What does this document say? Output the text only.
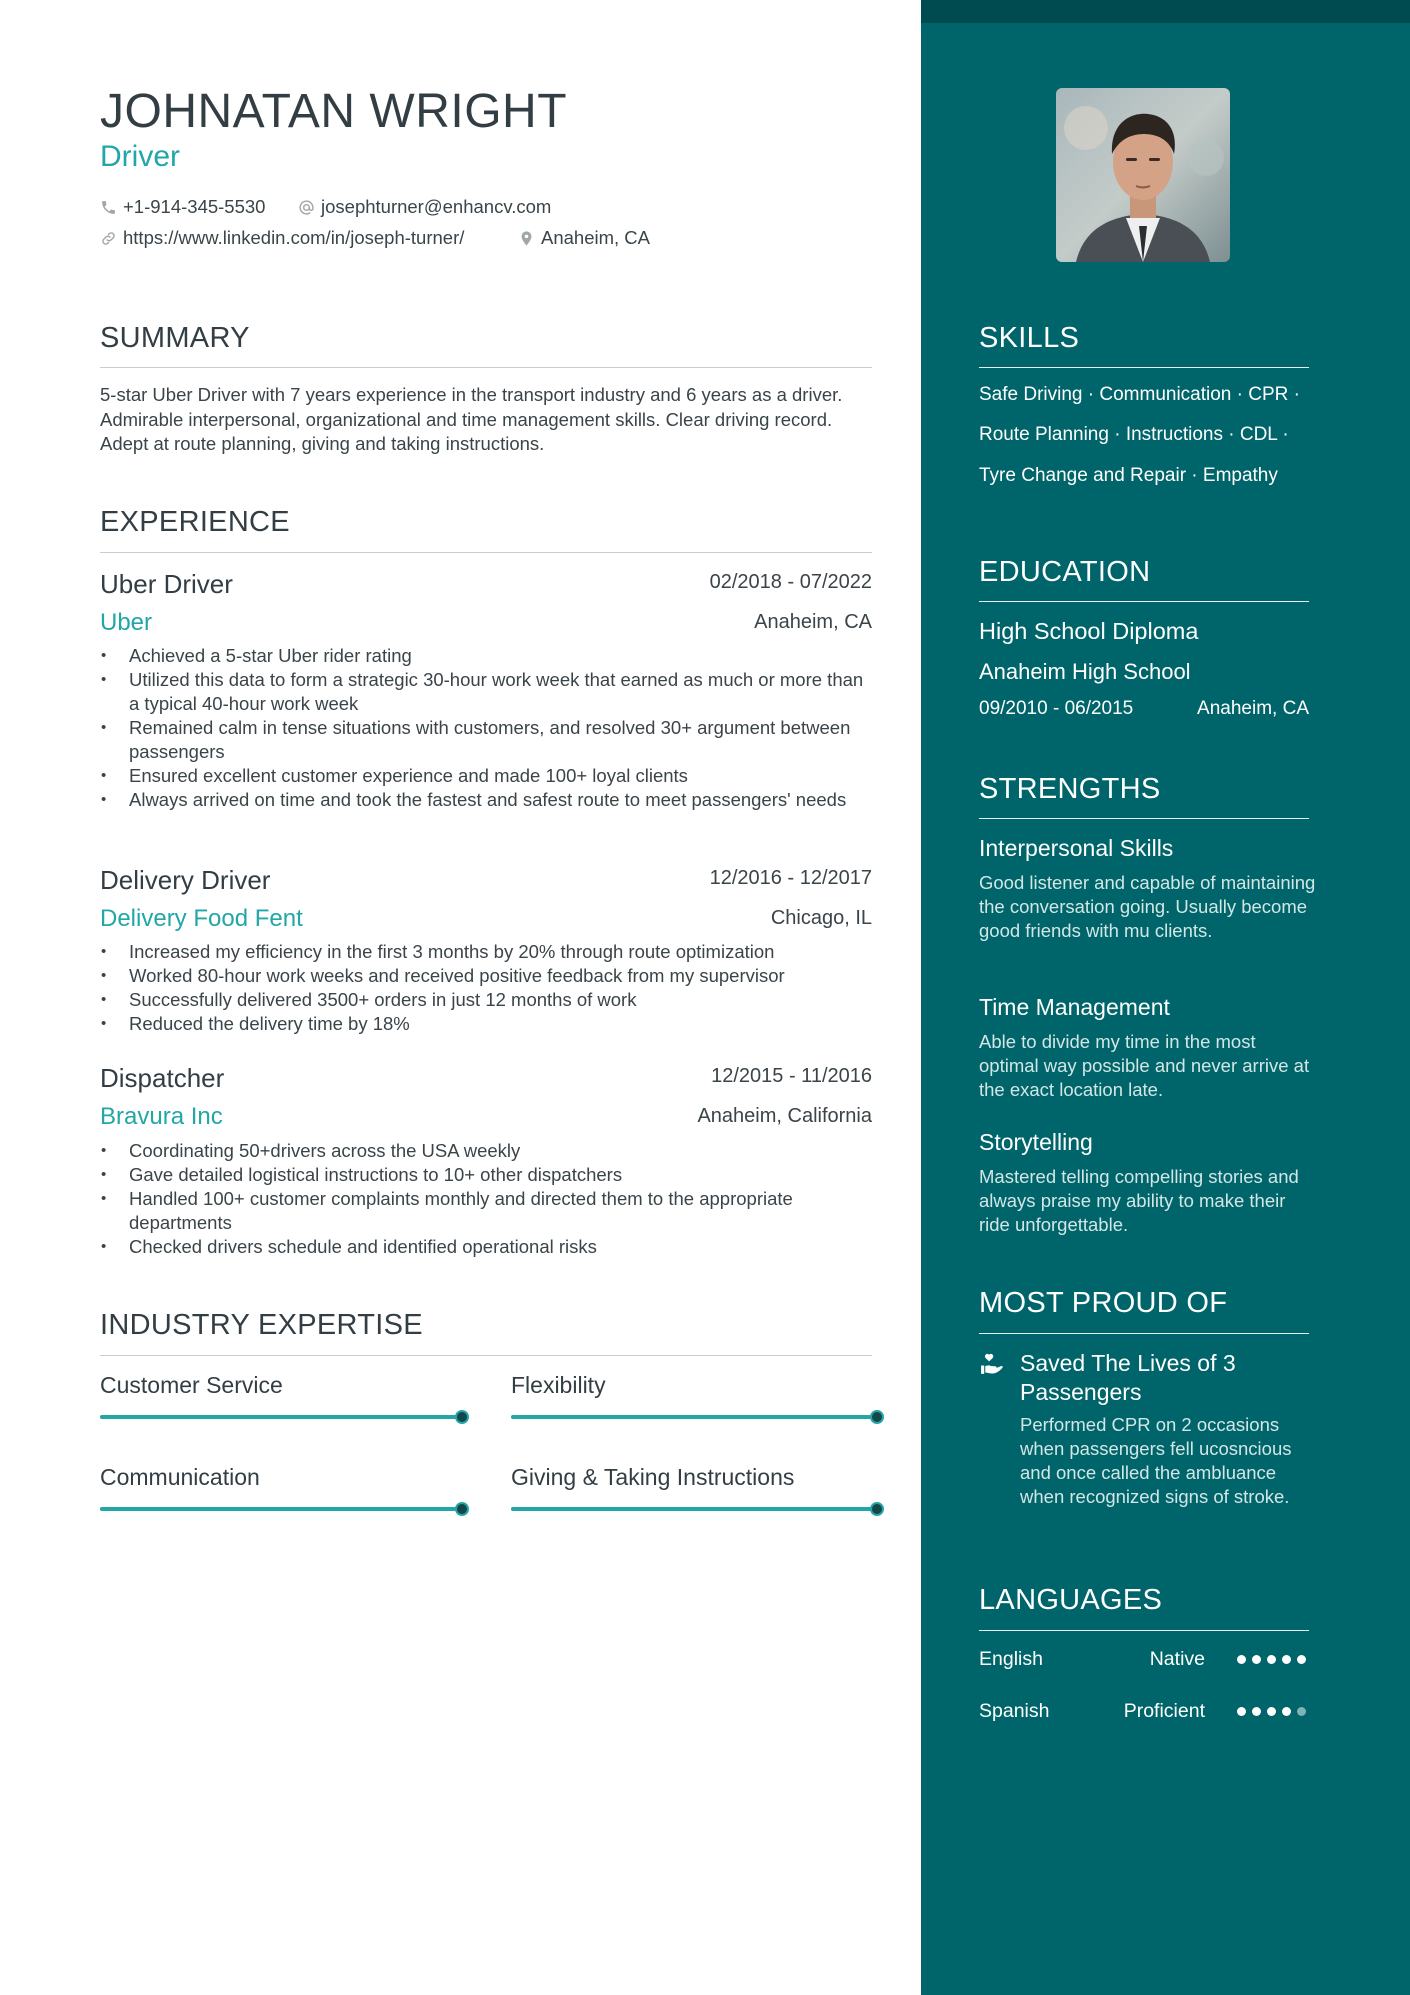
JOHNATAN WRIGHT
Driver
+1-914-345-5530	josephturner@enhancv.com
https://www.linkedin.com/in/joseph-turner/	Anaheim, CA
SUMMARY

5-star Uber Driver with 7 years experience in the transport industry and 6 years as a driver. Admirable interpersonal, organizational and time management skills. Clear driving record. Adept at route planning, giving and taking instructions.

EXPERIENCE
Uber Driver	02/2018 - 07/2022
Uber	Anaheim, CA
• Achieved a 5-star Uber rider rating
• Utilized this data to form a strategic 30-hour work week that earned as much or more than a typical 40-hour work week
• Remained calm in tense situations with customers, and resolved 30+ argument between passengers
• Ensured excellent customer experience and made 100+ loyal clients
• Always arrived on time and took the fastest and safest route to meet passengers' needs
Delivery Driver	12/2016 - 12/2017
Delivery Food Fent	Chicago, IL
• Increased my efficiency in the first 3 months by 20% through route optimization
• Worked 80-hour work weeks and received positive feedback from my supervisor
• Successfully delivered 3500+ orders in just 12 months of work
• Reduced the delivery time by 18%
Dispatcher	12/2015 - 11/2016
Bravura Inc	Anaheim, California
• Coordinating 50+drivers across the USA weekly
• Gave detailed logistical instructions to 10+ other dispatchers
• Handled 100+ customer complaints monthly and directed them to the appropriate departments
• Checked drivers schedule and identified operational risks
INDUSTRY EXPERTISE
Customer Service	Flexibility
Communication	Giving & Taking Instructions
SKILLS
Safe Driving · Communication · CPR ·
Route Planning · Instructions · CDL ·
Tyre Change and Repair · Empathy
EDUCATION
High School Diploma
Anaheim High School
09/2010 - 06/2015	Anaheim, CA
STRENGTHS
Interpersonal Skills

Good listener and capable of maintaining the conversation going. Usually become good friends with mu clients.

Time Management

Able to divide my time in the most optimal way possible and never arrive at the exact location late.

Storytelling

Mastered telling compelling stories and always praise my ability to make their ride unforgettable.

MOST PROUD OF
Saved The Lives of 3 Passengers

Performed CPR on 2 occasions when passengers fell ucosncious and once called the ambluance when recognized signs of stroke.

LANGUAGES
English	Native
Spanish	Proficient
